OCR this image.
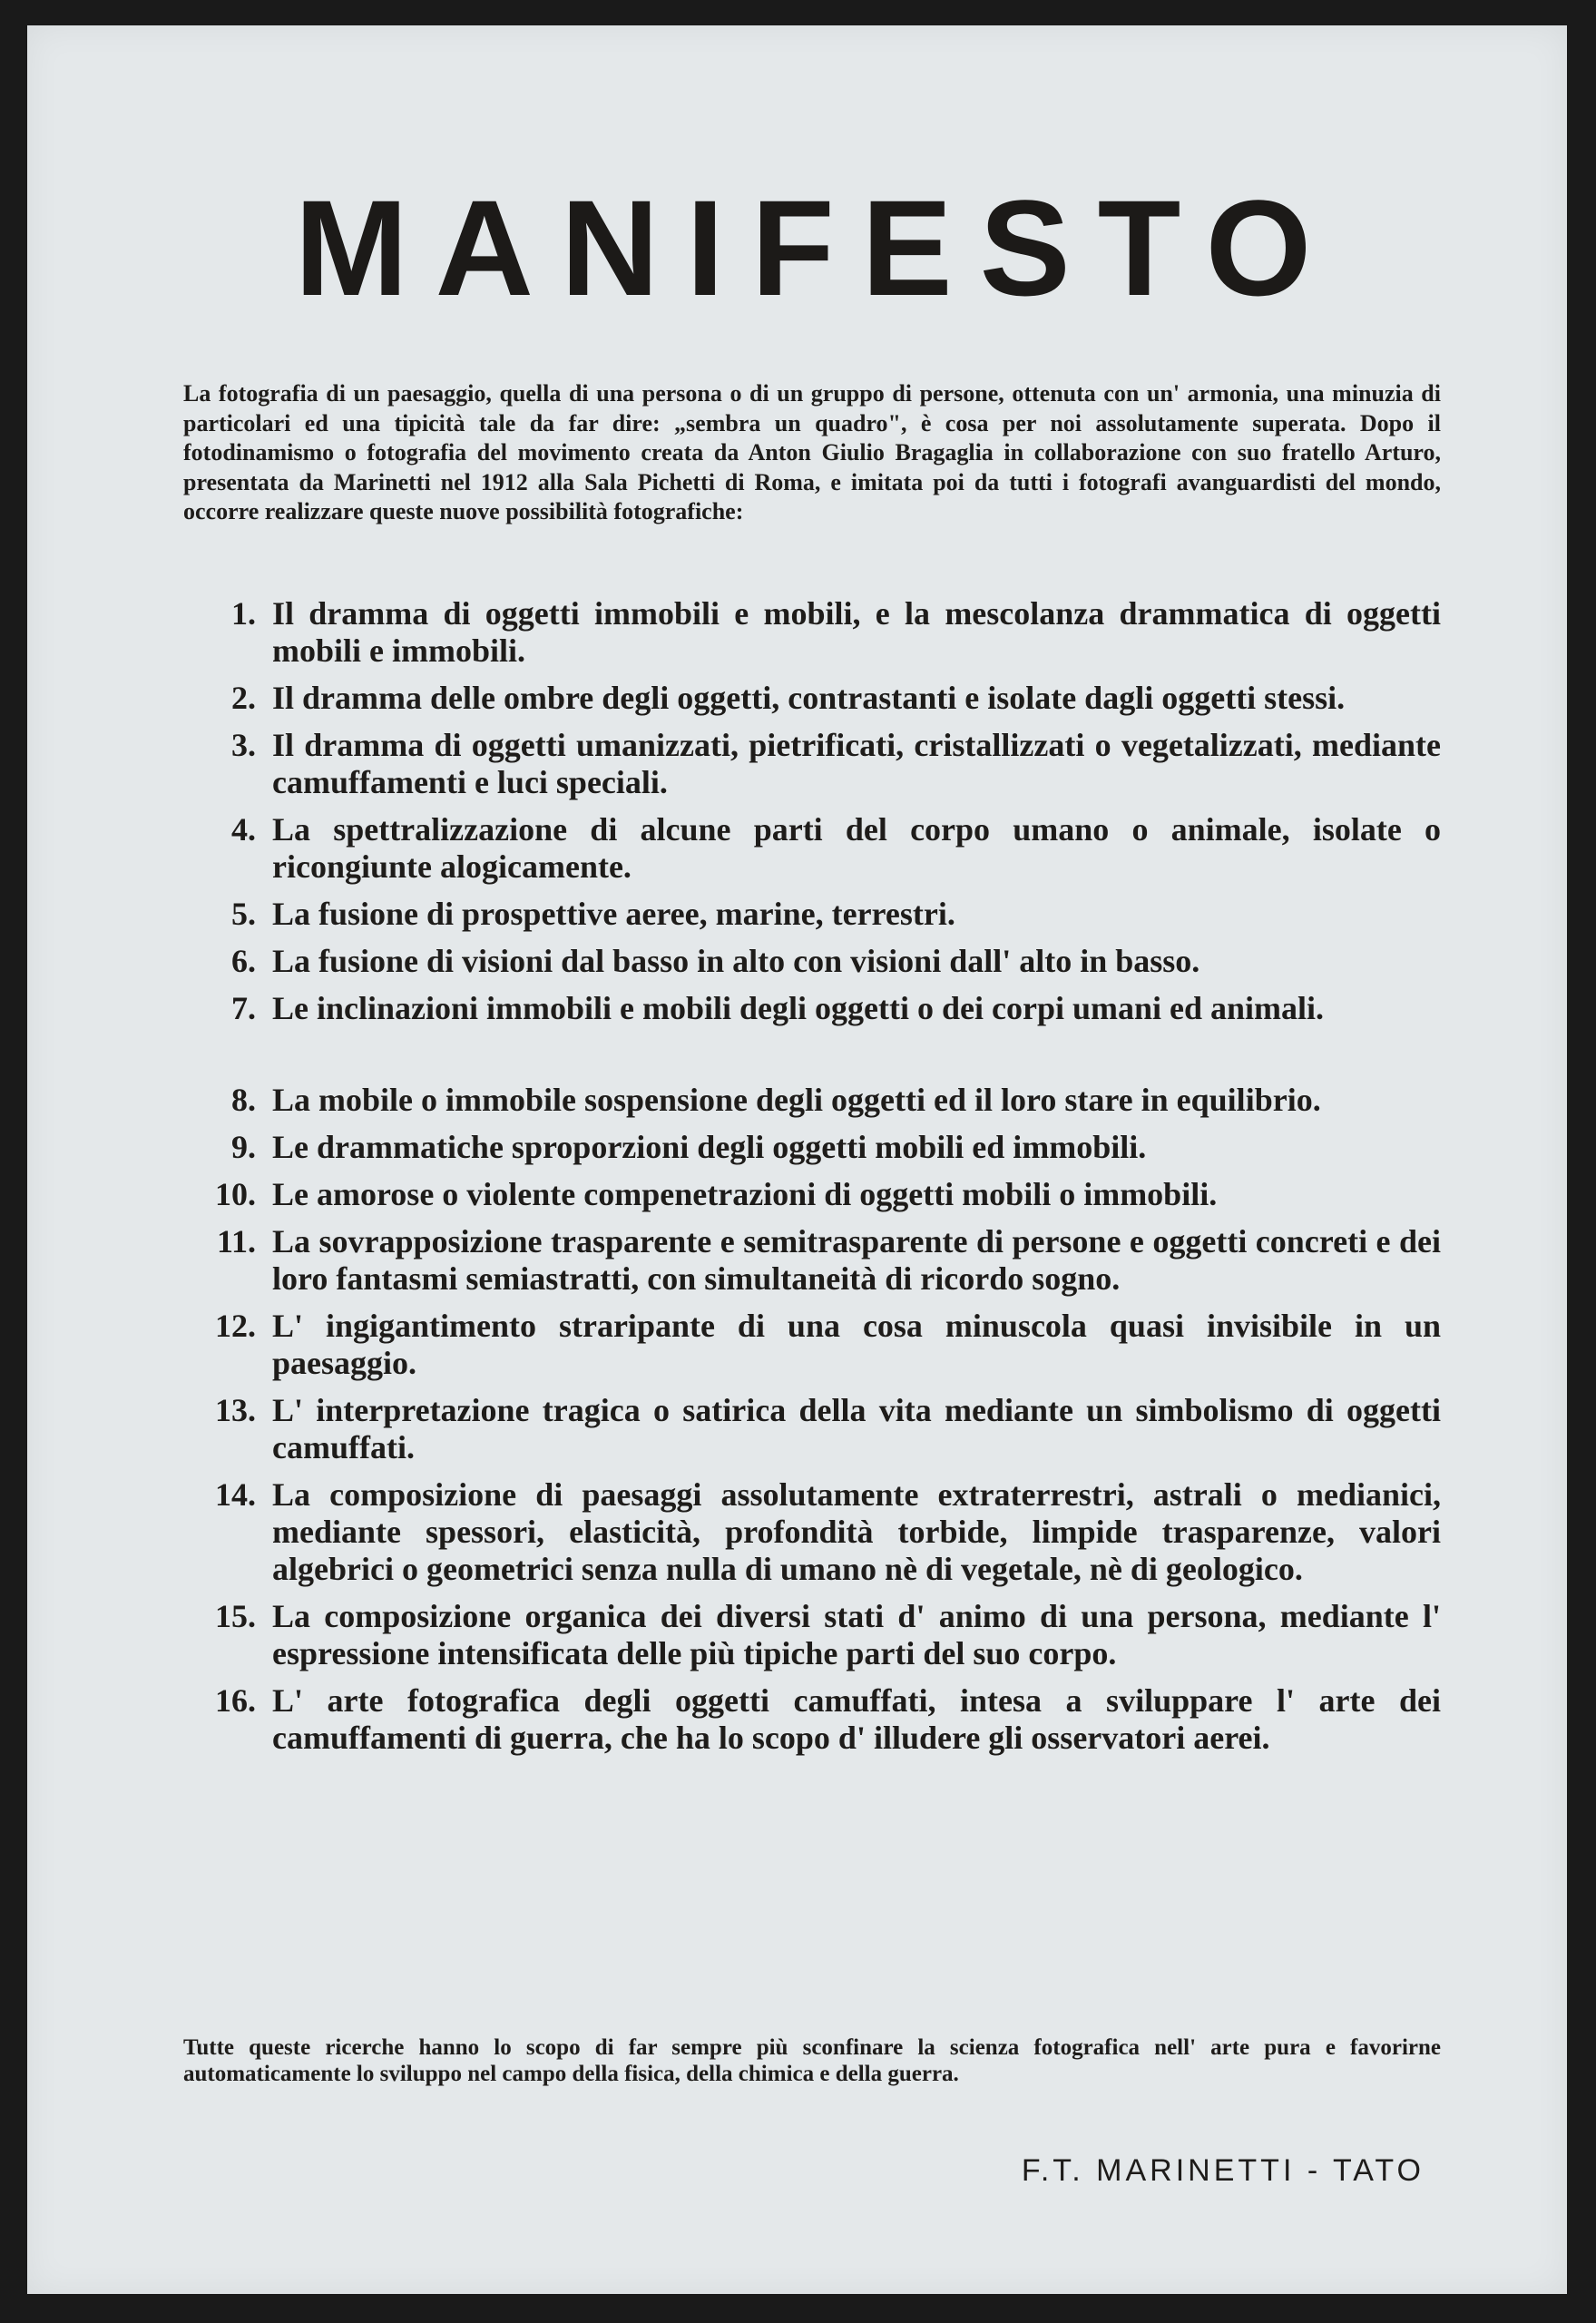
MANIFESTO
La fotografia di un paesaggio, quella di una persona o di un gruppo di persone, ottenuta con un' armonia, una minuzia di particolari ed una tipicità tale da far dire: „sembra un quadro", è cosa per noi assolutamente superata. Dopo il fotodinamismo o fotografia del movimento creata da Anton Giulio Bragaglia in collaborazione con suo fratello Arturo, presentata da Marinetti nel 1912 alla Sala Pichetti di Roma, e imitata poi da tutti i fotografi avanguardisti del mondo, occorre realizzare queste nuove possibilità fotografiche:
1. Il dramma di oggetti immobili e mobili, e la mescolanza drammatica di oggetti mobili e immobili.
2. Il dramma delle ombre degli oggetti, contrastanti e isolate dagli oggetti stessi.
3. Il dramma di oggetti umanizzati, pietrificati, cristallizzati o vegetalizzati, mediante camuffamenti e luci speciali.
4. La spettralizzazione di alcune parti del corpo umano o animale, isolate o ricongiunte alogicamente.
5. La fusione di prospettive aeree, marine, terrestri.
6. La fusione di visioni dal basso in alto con visioni dall' alto in basso.
7. Le inclinazioni immobili e mobili degli oggetti o dei corpi umani ed animali.
8. La mobile o immobile sospensione degli oggetti ed il loro stare in equilibrio.
9. Le drammatiche sproporzioni degli oggetti mobili ed immobili.
10. Le amorose o violente compenetrazioni di oggetti mobili o immobili.
11. La sovrapposizione trasparente e semitrasparente di persone e oggetti concreti e dei loro fantasmi semiastratti, con simultaneità di ricordo sogno.
12. L' ingigantimento straripante di una cosa minuscola quasi invisibile in un paesaggio.
13. L' interpretazione tragica o satirica della vita mediante un simbolismo di oggetti camuffati.
14. La composizione di paesaggi assolutamente extraterrestri, astrali o medianici, mediante spessori, elasticità, profondità torbide, limpide trasparenze, valori algebrici o geometrici senza nulla di umano nè di vegetale, nè di geologico.
15. La composizione organica dei diversi stati d' animo di una persona, mediante l' espressione intensificata delle più tipiche parti del suo corpo.
16. L' arte fotografica degli oggetti camuffati, intesa a sviluppare l' arte dei camuffamenti di guerra, che ha lo scopo d' illudere gli osservatori aerei.
Tutte queste ricerche hanno lo scopo di far sempre più sconfinare la scienza fotografica nell' arte pura e favorirne automaticamente lo sviluppo nel campo della fisica, della chimica e della guerra.
F.T. MARINETTI - TATO
